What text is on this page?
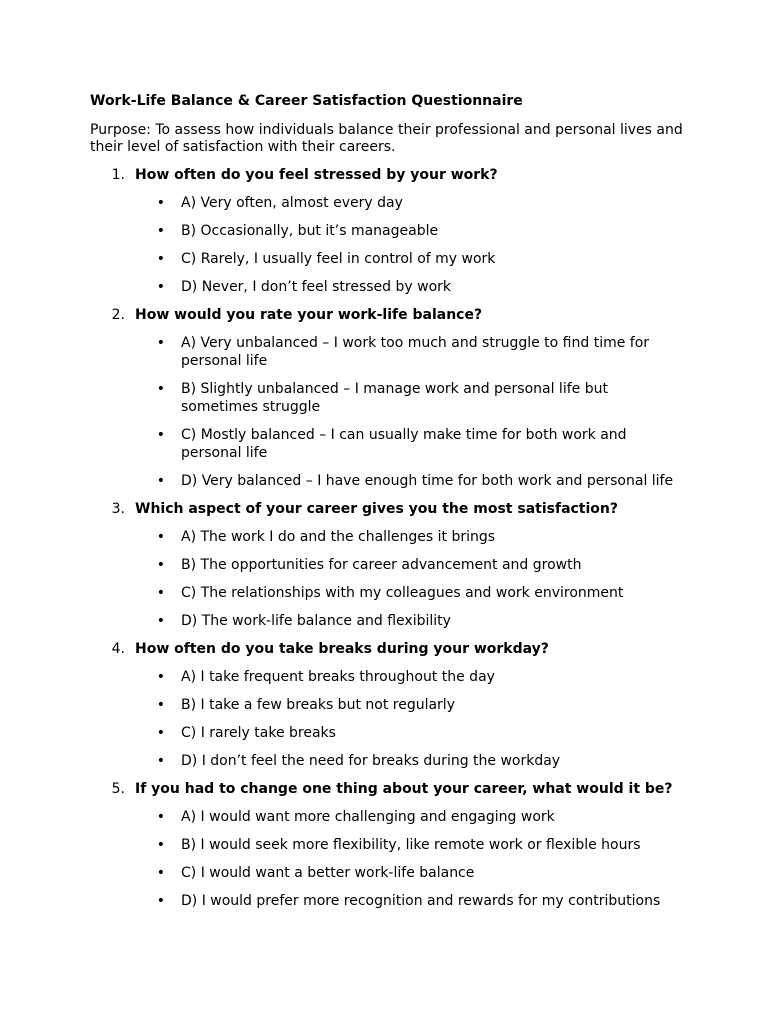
Work-Life Balance & Career Satisfaction Questionnaire
Purpose: To assess how individuals balance their professional and personal lives and their level of satisfaction with their careers.
1. How often do you feel stressed by your work?
•	A) Very often, almost every day
•	B) Occasionally, but it’s manageable
•	C) Rarely, I usually feel in control of my work
•	D) Never, I don’t feel stressed by work
2. How would you rate your work-life balance?
•	A) Very unbalanced – I work too much and struggle to find time for personal life
•	B) Slightly unbalanced – I manage work and personal life but sometimes struggle
•	C) Mostly balanced – I can usually make time for both work and personal life
•	D) Very balanced – I have enough time for both work and personal life
3. Which aspect of your career gives you the most satisfaction?
•	A) The work I do and the challenges it brings
•	B) The opportunities for career advancement and growth
•	C) The relationships with my colleagues and work environment
•	D) The work-life balance and flexibility
4. How often do you take breaks during your workday?
•	A) I take frequent breaks throughout the day
•	B) I take a few breaks but not regularly
•	C) I rarely take breaks
•	D) I don’t feel the need for breaks during the workday
5. If you had to change one thing about your career, what would it be?
•	A) I would want more challenging and engaging work
•	B) I would seek more flexibility, like remote work or flexible hours
•	C) I would want a better work-life balance
•	D) I would prefer more recognition and rewards for my contributions
